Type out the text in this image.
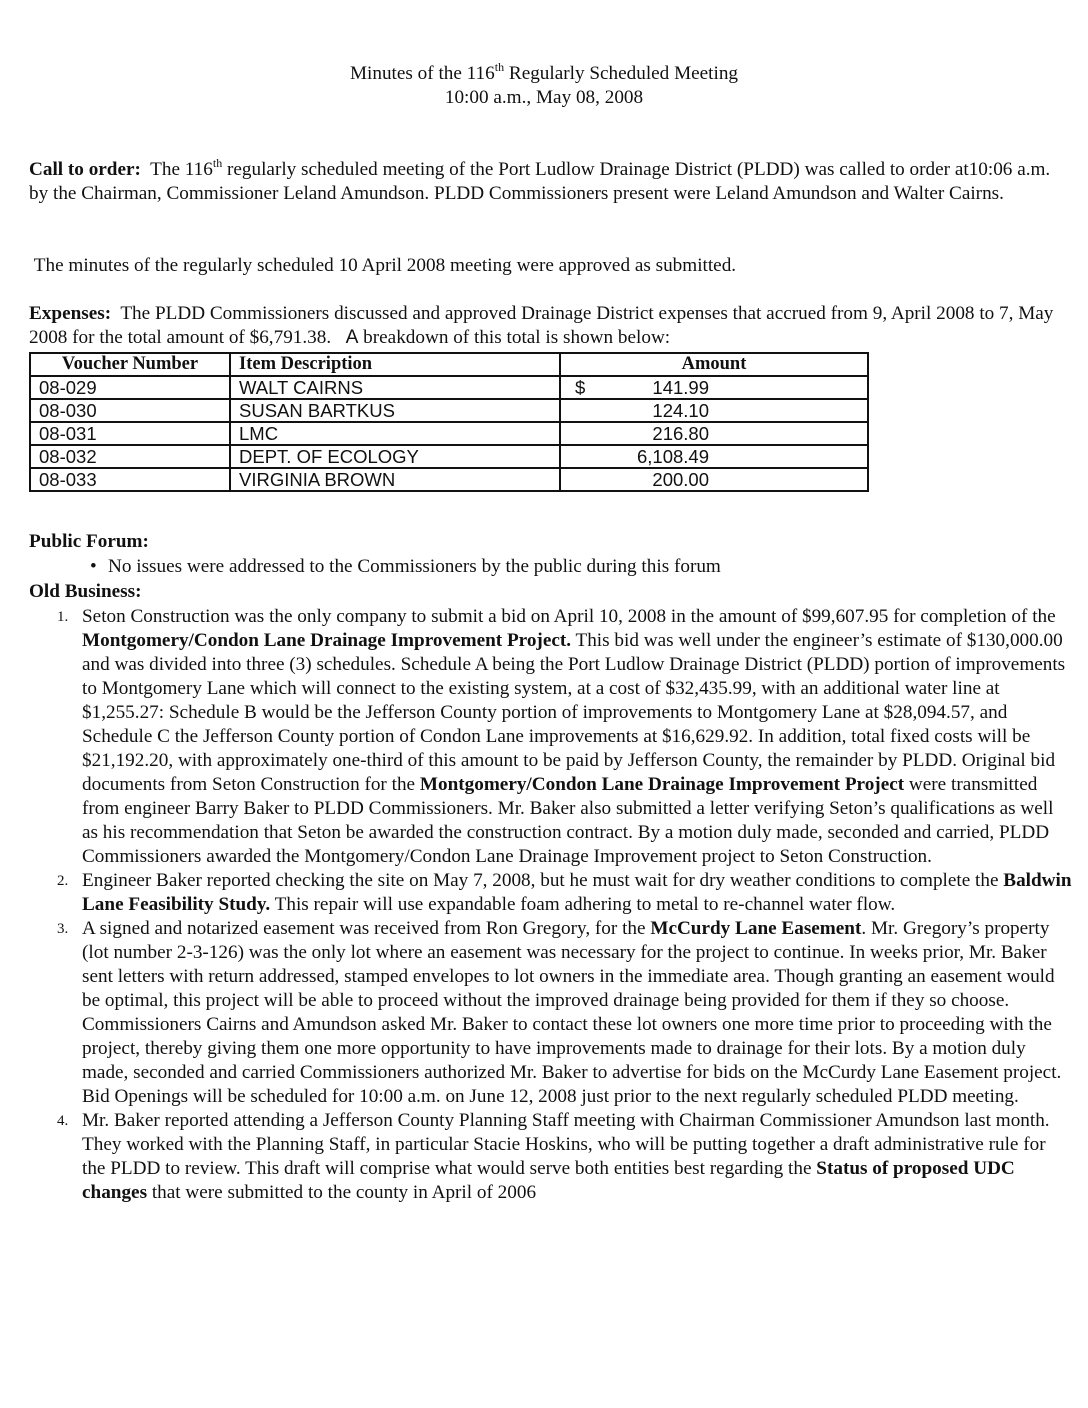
Minutes of the 116th Regularly Scheduled Meeting
10:00 a.m., May 08, 2008
Call to order:  The 116th regularly scheduled meeting of the Port Ludlow Drainage District (PLDD) was called to order at10:06 a.m. by the Chairman, Commissioner Leland Amundson. PLDD Commissioners present were Leland Amundson and Walter Cairns.
The minutes of the regularly scheduled 10 April 2008 meeting were approved as submitted.
Expenses:  The PLDD Commissioners discussed and approved Drainage District expenses that accrued from 9, April 2008 to 7, May 2008 for the total amount of $6,791.38.   A breakdown of this total is shown below:
Voucher Number	Item Description	Amount
08-029	WALT CAIRNS	$ 141.99
08-030	SUSAN BARTKUS	124.10
08-031	LMC	216.80
08-032	DEPT. OF ECOLOGY	6,108.49
08-033	VIRGINIA BROWN	200.00
Public Forum:
• No issues were addressed to the Commissioners by the public during this forum
Old Business:
1. Seton Construction was the only company to submit a bid on April 10, 2008 in the amount of $99,607.95 for completion of the Montgomery/Condon Lane Drainage Improvement Project. This bid was well under the engineer’s estimate of $130,000.00 and was divided into three (3) schedules. Schedule A being the Port Ludlow Drainage District (PLDD) portion of improvements to Montgomery Lane which will connect to the existing system, at a cost of $32,435.99, with an additional water line at $1,255.27: Schedule B would be the Jefferson County portion of improvements to Montgomery Lane at $28,094.57, and Schedule C the Jefferson County portion of Condon Lane improvements at $16,629.92. In addition, total fixed costs will be $21,192.20, with approximately one-third of this amount to be paid by Jefferson County, the remainder by PLDD. Original bid documents from Seton Construction for the Montgomery/Condon Lane Drainage Improvement Project were transmitted from engineer Barry Baker to PLDD Commissioners. Mr. Baker also submitted a letter verifying Seton’s qualifications as well as his recommendation that Seton be awarded the construction contract. By a motion duly made, seconded and carried, PLDD Commissioners awarded the Montgomery/Condon Lane Drainage Improvement project to Seton Construction.
2. Engineer Baker reported checking the site on May 7, 2008, but he must wait for dry weather conditions to complete the Baldwin Lane Feasibility Study. This repair will use expandable foam adhering to metal to re-channel water flow.
3. A signed and notarized easement was received from Ron Gregory, for the McCurdy Lane Easement. Mr. Gregory’s property (lot number 2-3-126) was the only lot where an easement was necessary for the project to continue. In weeks prior, Mr. Baker sent letters with return addressed, stamped envelopes to lot owners in the immediate area. Though granting an easement would be optimal, this project will be able to proceed without the improved drainage being provided for them if they so choose. Commissioners Cairns and Amundson asked Mr. Baker to contact these lot owners one more time prior to proceeding with the project, thereby giving them one more opportunity to have improvements made to drainage for their lots. By a motion duly made, seconded and carried Commissioners authorized Mr. Baker to advertise for bids on the McCurdy Lane Easement project. Bid Openings will be scheduled for 10:00 a.m. on June 12, 2008 just prior to the next regularly scheduled PLDD meeting.
4. Mr. Baker reported attending a Jefferson County Planning Staff meeting with Chairman Commissioner Amundson last month. They worked with the Planning Staff, in particular Stacie Hoskins, who will be putting together a draft administrative rule for the PLDD to review. This draft will comprise what would serve both entities best regarding the Status of proposed UDC changes that were submitted to the county in April of 2006
